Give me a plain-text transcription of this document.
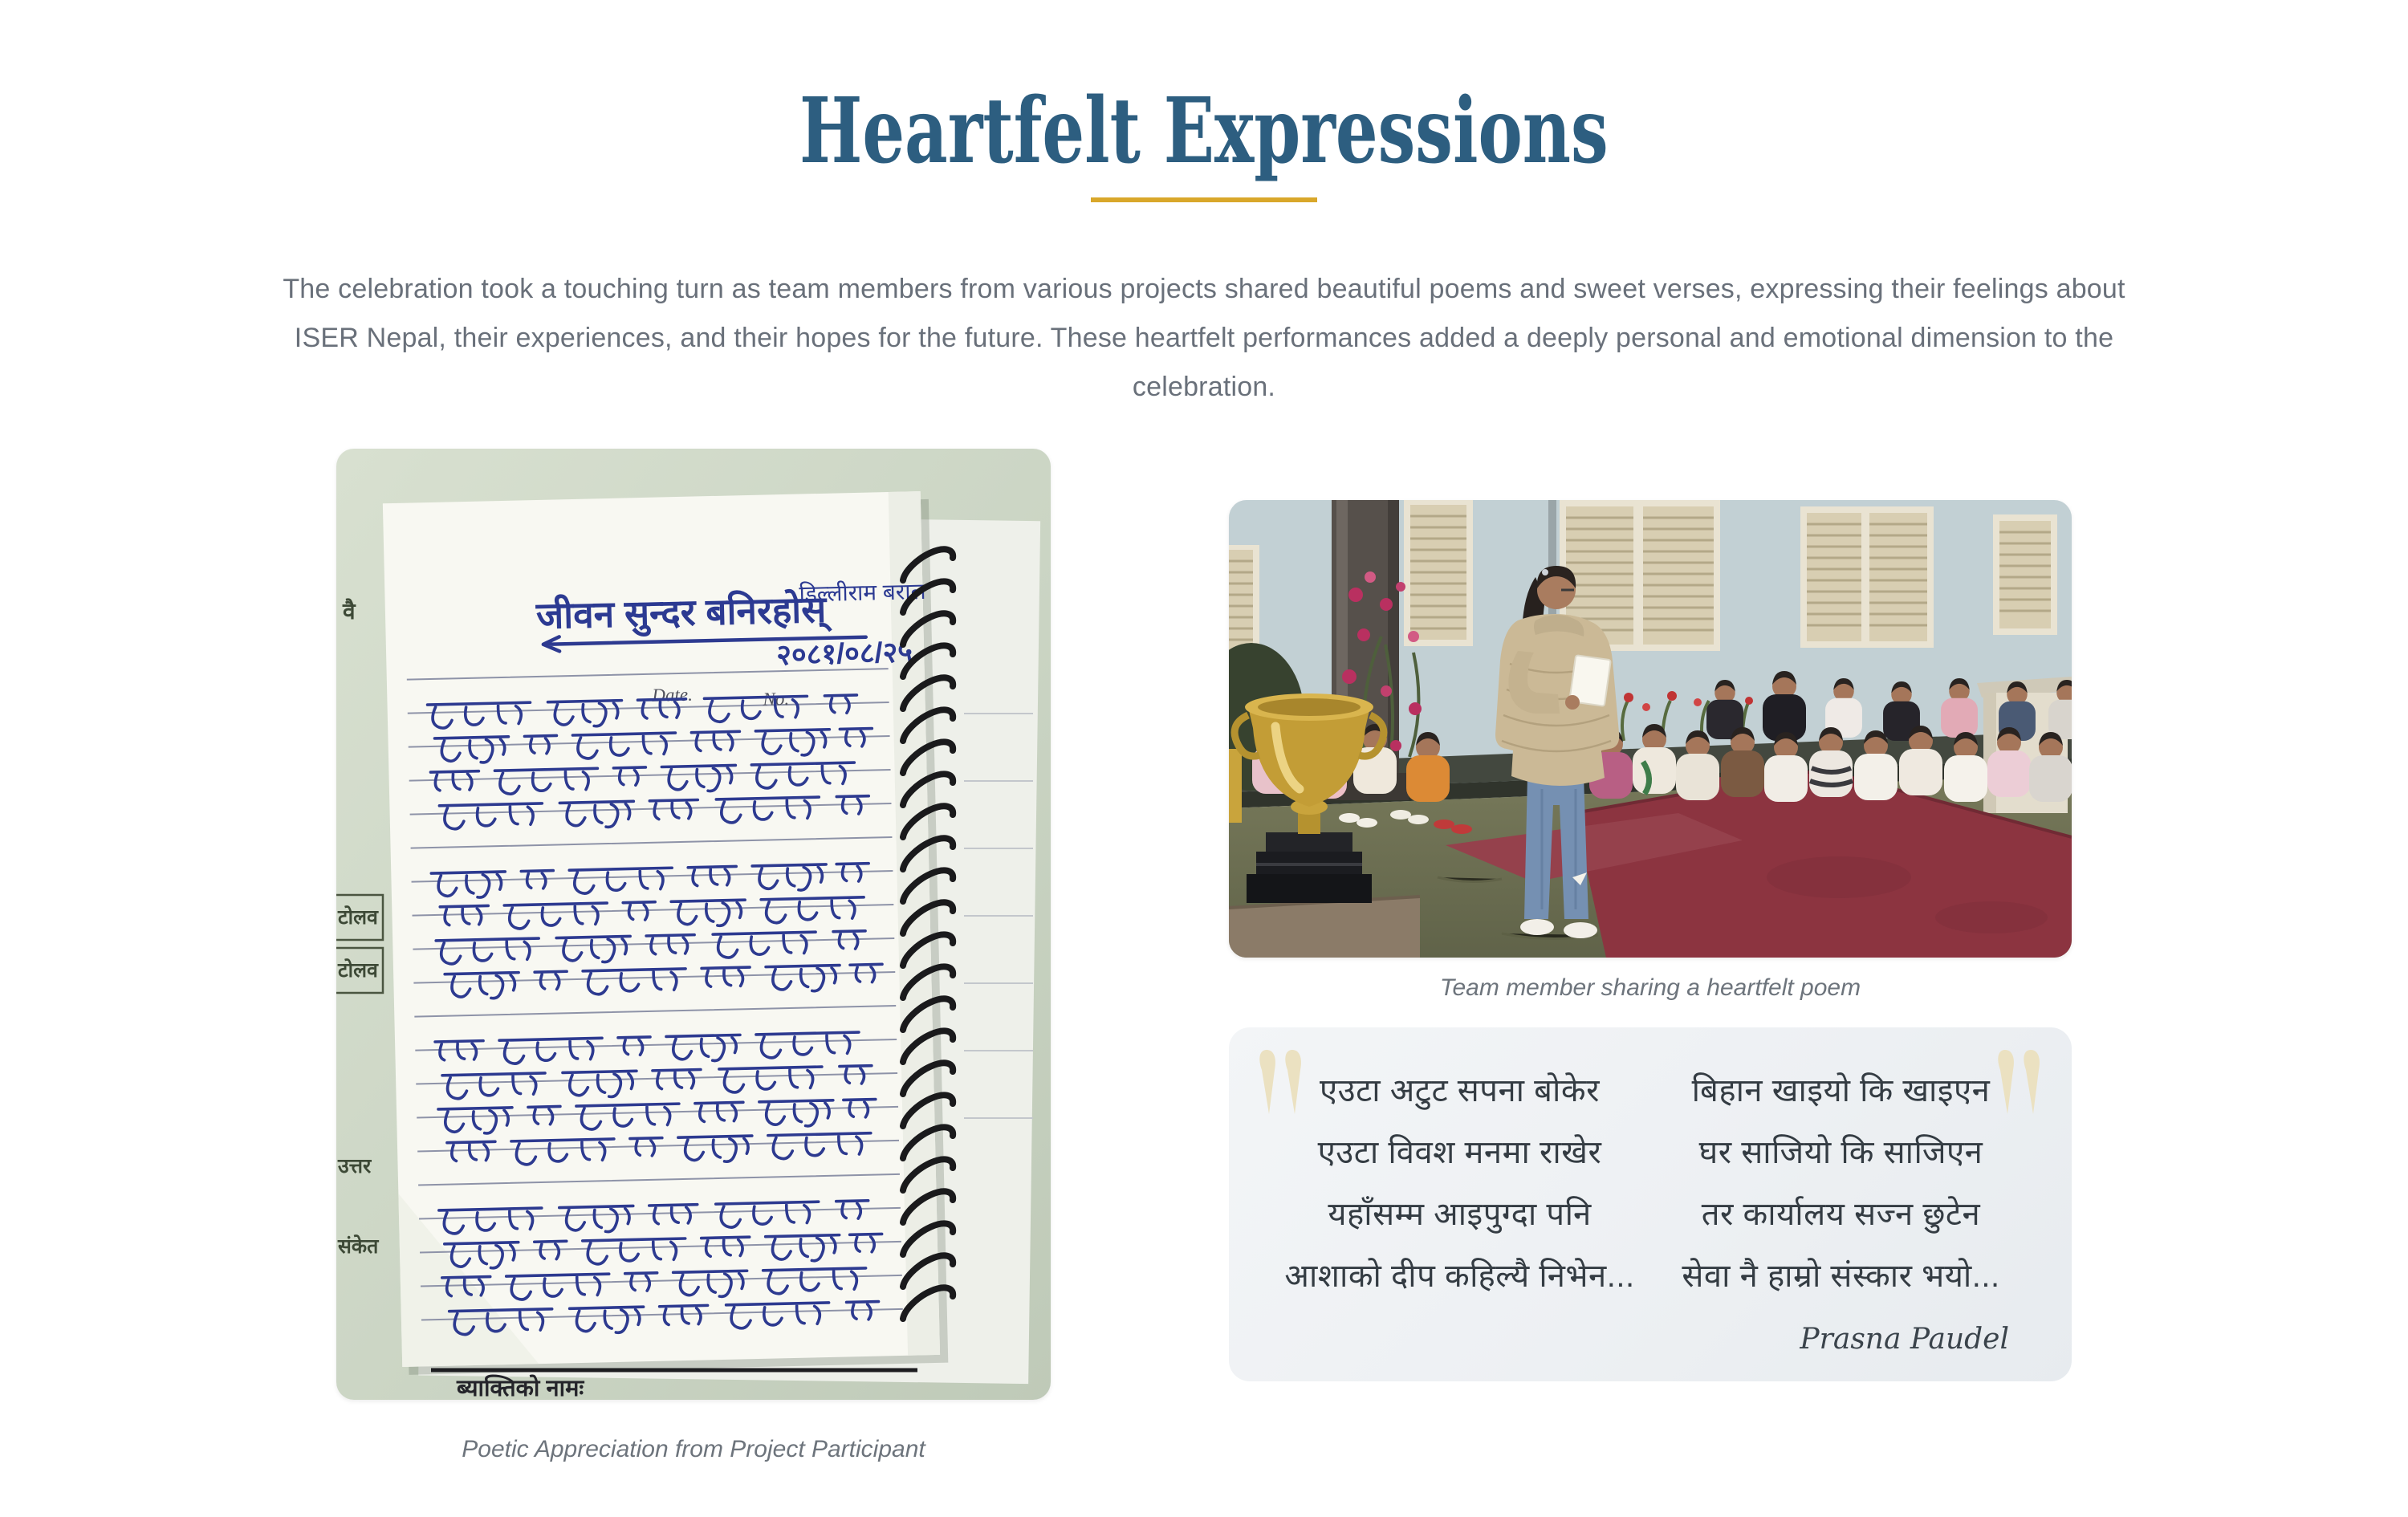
Heartfelt Expressions

The celebration took a touching turn as team members from various projects shared beautiful poems and sweet verses, expressing their feelings about ISER Nepal, their experiences, and their hopes for the future. These heartfelt performances added a deeply personal and emotional dimension to the celebration.

वै
टोलव
टोलव
उत्तर
संकेत
जीवन सुन्दर बनिरहोस्
डिल्लीराम बराल
२०८१/०८/२५
Date.	No.
ब्याक्तिको नामः
Poetic Appreciation from Project Participant
Team member sharing a heartfelt poem

एउटा अटुट सपना बोकेर

एउटा विवश मनमा राखेर

यहाँसम्म आइपुग्दा पनि

आशाको दीप कहिल्यै निभेन...

बिहान खाइयो कि खाइएन

घर साजियो कि साजिएन

तर कार्यालय सज्न छुटेन

सेवा नै हाम्रो संस्कार भयो...

Prasna Paudel
